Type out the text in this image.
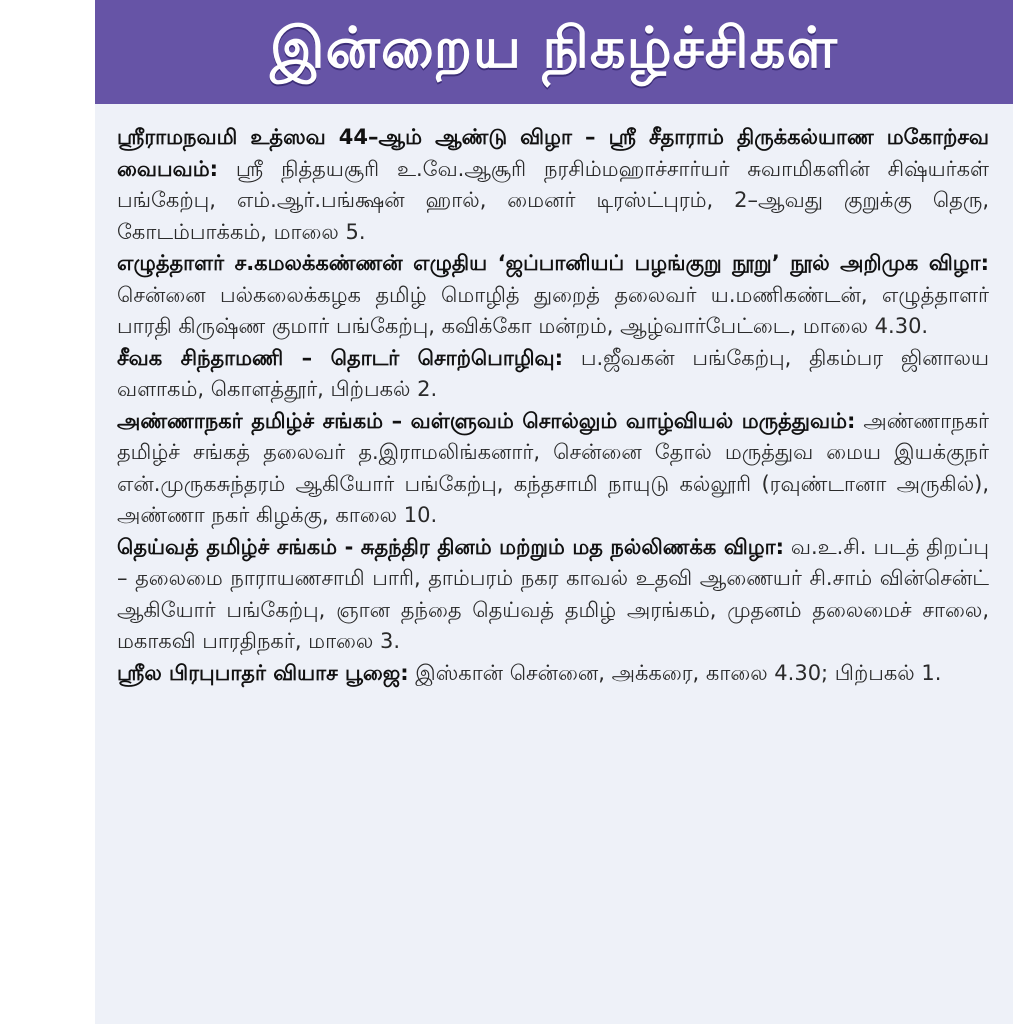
இன்றைய நிகழ்ச்சிகள்

ஸ்ரீராமநவமி உத்ஸவ 44–ஆம் ஆண்டு விழா – ஸ்ரீ சீதாராம் திருக்கல்யாண மகோற்சவ வைபவம்: ஸ்ரீ நித்தயசூரி உ.வே.ஆசூரி நரசிம்மஹாச்சார்யர் சுவாமிகளின் சிஷ்யர்கள் பங்கேற்பு, எம்.ஆர்.பங்க்ஷன் ஹால், மைனர் டிரஸ்ட்புரம், 2–ஆவது குறுக்கு தெரு, கோடம்பாக்கம், மாலை 5.

எழுத்தாளர் ச.கமலக்கண்ணன் எழுதிய ‘ஜப்பானியப் பழங்குறு நூறு’ நூல் அறிமுக விழா: சென்னை பல்கலைக்கழக தமிழ் மொழித் துறைத் தலைவர் ய.மணிகண்டன், எழுத்தாளர் பாரதி கிருஷ்ண குமார் பங்கேற்பு, கவிக்கோ மன்றம், ஆழ்வார்பேட்டை, மாலை 4.30.

சீவக சிந்தாமணி – தொடர் சொற்பொழிவு: ப.ஜீவகன் பங்கேற்பு, திகம்பர ஜினாலய வளாகம், கொளத்தூர், பிற்பகல் 2.

அண்ணாநகர் தமிழ்ச் சங்கம் – வள்ளுவம் சொல்லும் வாழ்வியல் மருத்துவம்: அண்ணாநகர் தமிழ்ச் சங்கத் தலைவர் த.இராமலிங்கனார், சென்னை தோல் மருத்துவ மைய இயக்குநர் என்.முருகசுந்தரம் ஆகியோர் பங்கேற்பு, கந்தசாமி நாயுடு கல்லூரி (ரவுண்டானா அருகில்), அண்ணா நகர் கிழக்கு, காலை 10.

தெய்வத் தமிழ்ச் சங்கம் - சுதந்திர தினம் மற்றும் மத நல்லிணக்க விழா: வ.உ.சி. படத் திறப்பு – தலைமை நாராயணசாமி பாரி, தாம்பரம் நகர காவல் உதவி ஆணையர் சி.சாம் வின்சென்ட் ஆகியோர் பங்கேற்பு, ஞான தந்தை தெய்வத் தமிழ் அரங்கம், முதனம் தலைமைச் சாலை, மகாகவி பாரதிநகர், மாலை 3.

ஸ்ரீல பிரபுபாதர் வியாச பூஜை: இஸ்கான் சென்னை, அக்கரை, காலை 4.30; பிற்பகல் 1.
